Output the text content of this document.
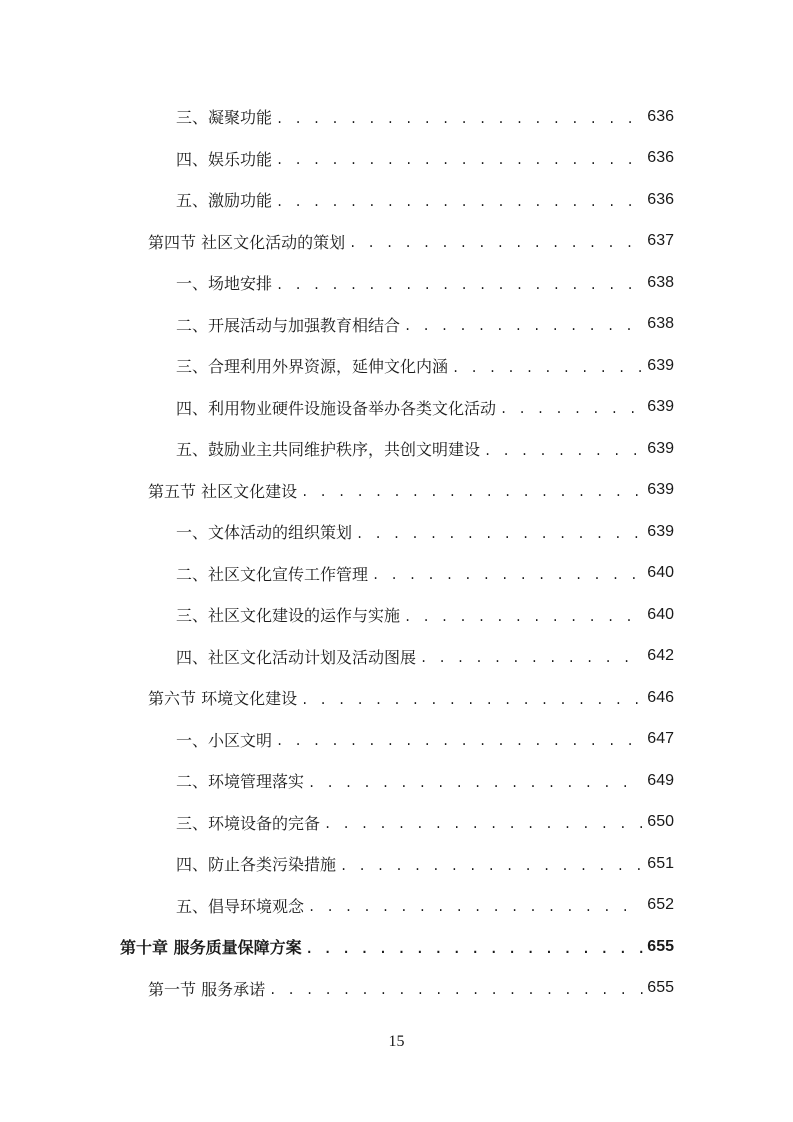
三、凝聚功能 . . .	636
四、娱乐功能 . . .	636
五、激励功能 . . .	636
第四节 社区文化活动的策划 . . .	637
一、场地安排 . . .	638
二、开展活动与加强教育相结合 . . .	638
三、合理利用外界资源，延伸文化内涵 . . .	639
四、利用物业硬件设施设备举办各类文化活动 . . .	639
五、鼓励业主共同维护秩序，共创文明建设 . . .	639
第五节 社区文化建设 . . .	639
一、文体活动的组织策划 . . .	639
二、社区文化宣传工作管理 . . .	640
三、社区文化建设的运作与实施 . . .	640
四、社区文化活动计划及活动图展 . . .	642
第六节 环境文化建设 . . .	646
一、小区文明 . . .	647
二、环境管理落实 . . .	649
三、环境设备的完备 . . .	650
四、防止各类污染措施 . . .	651
五、倡导环境观念 . . .	652
第十章 服务质量保障方案 . . .	655
第一节 服务承诺 . . .	655
15
